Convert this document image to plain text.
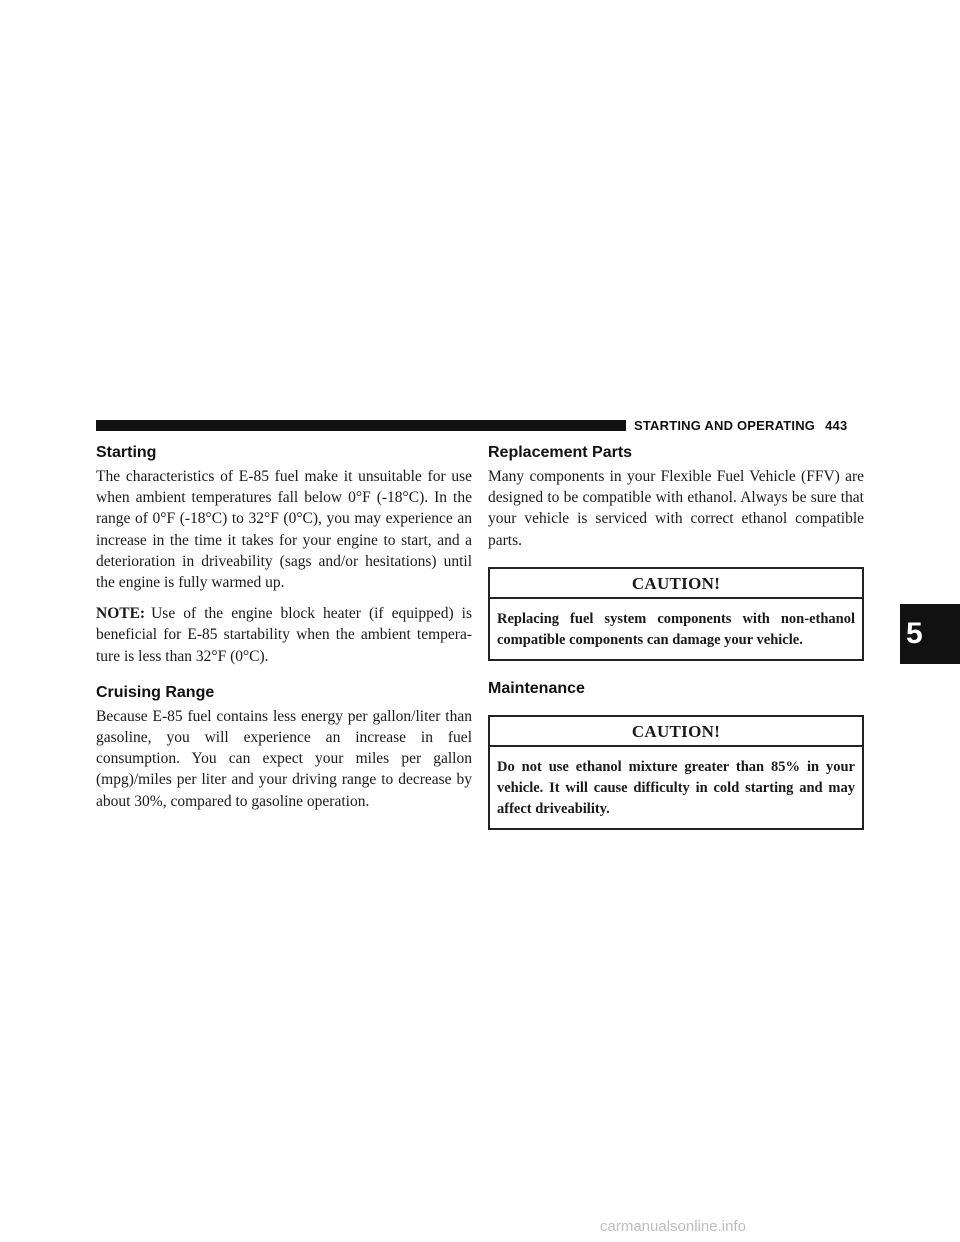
STARTING AND OPERATING 443
Starting

The characteristics of E-85 fuel make it unsuitable for use when ambient temperatures fall below 0°F (-18°C). In the range of 0°F (-18°C) to 32°F (0°C), you may experience an increase in the time it takes for your engine to start, and a deterioration in driveability (sags and/or hesitations) until the engine is fully warmed up.

NOTE: Use of the engine block heater (if equipped) is beneficial for E-85 startability when the ambient temperature is less than 32°F (0°C).

Cruising Range

Because E-85 fuel contains less energy per gallon/liter than gasoline, you will experience an increase in fuel consumption. You can expect your miles per gallon (mpg)/miles per liter and your driving range to decrease by about 30%, compared to gasoline operation.

Replacement Parts

Many components in your Flexible Fuel Vehicle (FFV) are designed to be compatible with ethanol. Always be sure that your vehicle is serviced with correct ethanol compatible parts.

CAUTION!
Replacing fuel system components with non-ethanol compatible components can damage your vehicle.
Maintenance
CAUTION!
Do not use ethanol mixture greater than 85% in your vehicle. It will cause difficulty in cold starting and may affect driveability.
5
carmanualsonline.info
